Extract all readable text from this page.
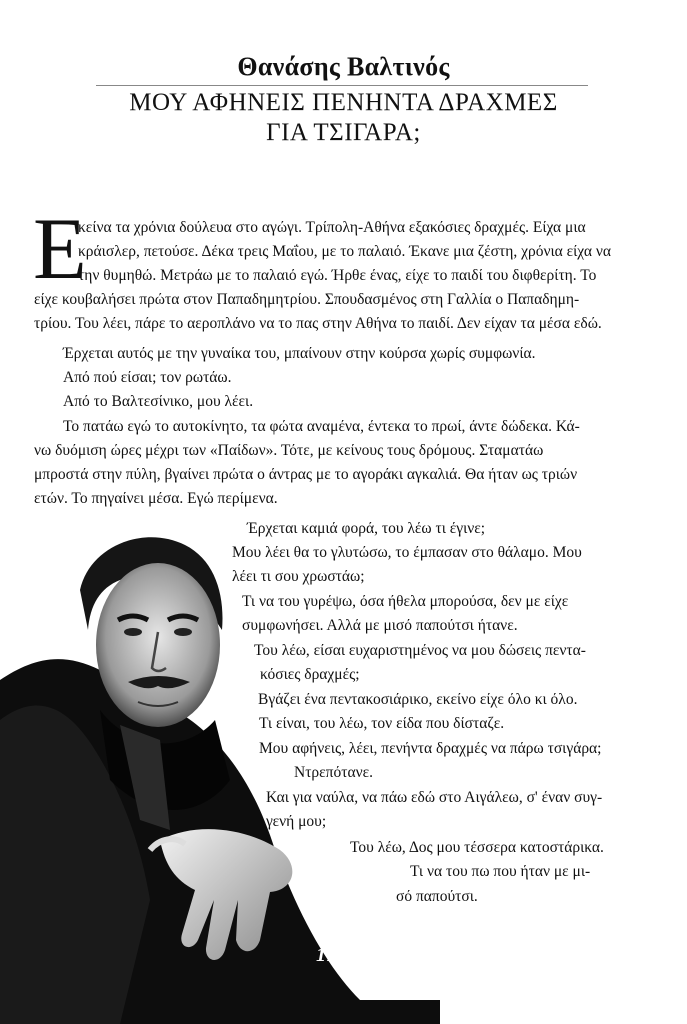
Θανάσης Βαλτινός
ΜΟΥ ΑΦΗΝΕΙΣ ΠΕΝΗΝΤΑ ΔΡΑΧΜΕΣ
ΓΙΑ ΤΣΙΓΑΡΑ;
Ε
κείνα τα χρόνια δούλευα στο αγώγι. Τρίπολη-Αθήνα εξακόσιες δραχμές. Είχα μια
κράισλερ, πετούσε. Δέκα τρεις Μαΐου, με το παλαιό. Έκανε μια ζέστη, χρόνια είχα να
την θυμηθώ. Μετράω με το παλαιό εγώ. Ήρθε ένας, είχε το παιδί του διφθερίτη. Το
είχε κουβαλήσει πρώτα στον Παπαδημητρίου. Σπουδασμένος στη Γαλλία ο Παπαδημη-
τρίου. Του λέει, πάρε το αεροπλάνο να το πας στην Αθήνα το παιδί. Δεν είχαν τα μέσα εδώ.
Έρχεται αυτός με την γυναίκα του, μπαίνουν στην κούρσα χωρίς συμφωνία.
Από πού είσαι; τον ρωτάω.
Από το Βαλτεσίνικο, μου λέει.
Το πατάω εγώ το αυτοκίνητο, τα φώτα αναμένα, έντεκα το πρωί, άντε δώδεκα. Κά-
νω δυόμιση ώρες μέχρι των «Παίδων». Τότε, με κείνους τους δρόμους. Σταματάω
μπροστά στην πύλη, βγαίνει πρώτα ο άντρας με το αγοράκι αγκαλιά. Θα ήταν ως τριών
ετών. Το πηγαίνει μέσα. Εγώ περίμενα.
Έρχεται καμιά φορά, του λέω τι έγινε;
Μου λέει θα το γλυτώσω, το έμπασαν στο θάλαμο. Μου
λέει τι σου χρωστάω;
Τι να του γυρέψω, όσα ήθελα μπορούσα, δεν με είχε
συμφωνήσει. Αλλά με μισό παπούτσι ήτανε.
Του λέω, είσαι ευχαριστημένος να μου δώσεις πεντα-
κόσιες δραχμές;
Βγάζει ένα πεντακοσιάρικο, εκείνο είχε όλο κι όλο.
Τι είναι, του λέω, τον είδα που δίσταζε.
Μου αφήνεις, λέει, πενήντα δραχμές να πάρω τσιγάρα;
Ντρεπότανε.
Και για ναύλα, να πάω εδώ στο Αιγάλεω, σ' έναν συγ-
γενή μου;
Του λέω, Δος μου τέσσερα κατοστάρικα.
Τι να του πω που ήταν με μι-
σό παπούτσι.
17
